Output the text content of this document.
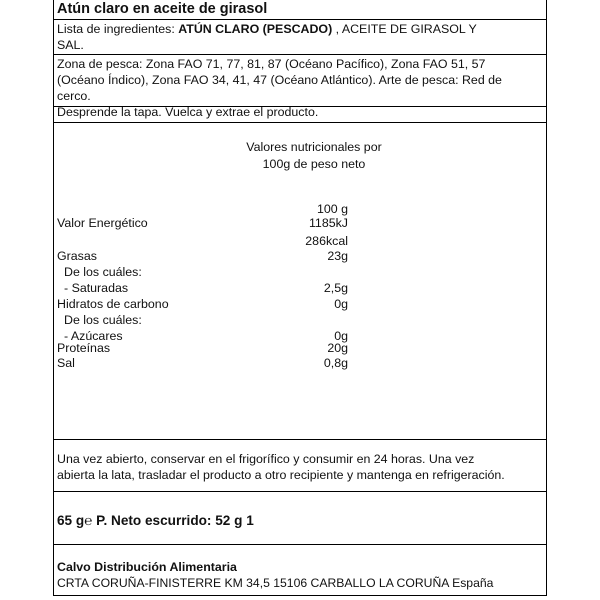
Atún claro en aceite de girasol
Lista de ingredientes: ATÚN CLARO (PESCADO) , ACEITE DE GIRASOL Y
SAL.
Zona de pesca: Zona FAO 71, 77, 81, 87 (Océano Pacífico), Zona FAO 51, 57
(Océano Índico), Zona FAO 34, 41, 47 (Océano Atlántico). Arte de pesca: Red de
cerco.
Desprende la tapa. Vuelca y extrae el producto.
Valores nutricionales por
100g de peso neto
100 g
Valor Energético	1185kJ
286kcal
Grasas	23g
De los cuáles:
- Saturadas	2,5g
Hidratos de carbono	0g
De los cuáles:
- Azúcares	0g
Proteínas	20g
Sal	0,8g
Una vez abierto, conservar en el frigorífico y consumir en 24 horas. Una vez
abierta la lata, trasladar el producto a otro recipiente y mantenga en refrigeración.
65 g℮ P. Neto escurrido: 52 g 1
Calvo Distribución Alimentaria
CRTA CORUÑA-FINISTERRE KM 34,5 15106 CARBALLO LA CORUÑA España
